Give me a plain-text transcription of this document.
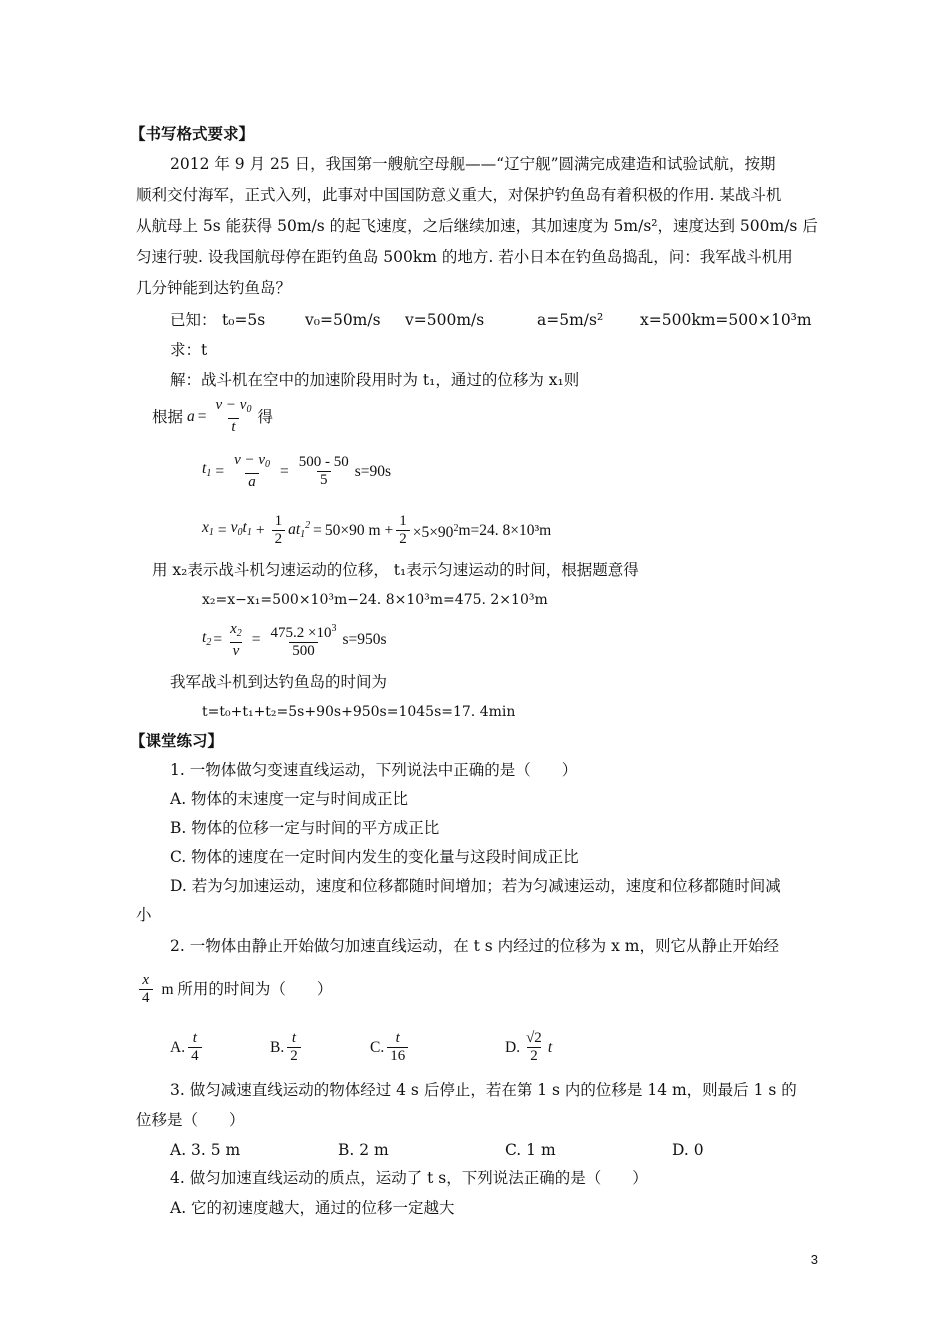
【书写格式要求】
2012 年 9 月 25 日，我国第一艘航空母舰——“辽宁舰”圆满完成建造和试验试航，按期
顺利交付海军，正式入列，此事对中国国防意义重大，对保护钓鱼岛有着积极的作用. 某战斗机
从航母上 5s 能获得 50m/s 的起飞速度，之后继续加速，其加速度为 5m/s²，速度达到 500m/s 后
匀速行驶. 设我国航母停在距钓鱼岛 500km 的地方. 若小日本在钓鱼岛捣乱，问：我军战斗机用
几分钟能到达钓鱼岛？
已知： t₀=5s	v₀=50m/s v=500m/s	a=5m/s² x=500km=500×10³m
求：t
解：战斗机在空中的加速阶段用时为 t₁，通过的位移为 x₁则
根据 $a = \frac{v - v_0}{t}$ 得
$t_1 = \frac{v - v_0}{a} = \frac{500 - 50}{5} s=90s$
$x_1 = v_0t_1 + \frac{1}{2} at_1^2 = 50\times 90$ $m + \frac{1}{2} \times 5\times 90^2$ m=24. 8×10³m
用 x₂表示战斗机匀速运动的位移， t₁表示匀速运动的时间，根据题意得
x₂=x−x₁=500×10³m−24. 8×10³m=475. 2×10³m
$t_2 = \frac{x_2}{v} = \frac{475.2 \times 10^3}{500} s=950s$
我军战斗机到达钓鱼岛的时间为
t=t₀+t₁+t₂=5s+90s+950s=1045s=17. 4min
【课堂练习】
1. 一物体做匀变速直线运动，下列说法中正确的是（　　）
A. 物体的末速度一定与时间成正比
B. 物体的位移一定与时间的平方成正比
C. 物体的速度在一定时间内发生的变化量与这段时间成正比
D. 若为匀加速运动，速度和位移都随时间增加；若为匀减速运动，速度和位移都随时间减
小
2. 一物体由静止开始做匀加速直线运动，在 t s 内经过的位移为 x m，则它从静止开始经
$\frac{x}{4}$ m 所用的时间为（　　）
A. $\frac{t}{4}$	B. $\frac{t}{2}$	C. $\frac{t}{16}$	D. $\frac{√2}{2}$ t
3. 做匀减速直线运动的物体经过 4 s 后停止，若在第 1 s 内的位移是 14 m，则最后 1 s 的
位移是（　　）
A. 3. 5 m	B. 2 m	C. 1 m	D. 0
4. 做匀加速直线运动的质点，运动了 t s，下列说法正确的是（　　）
A. 它的初速度越大，通过的位移一定越大
3
